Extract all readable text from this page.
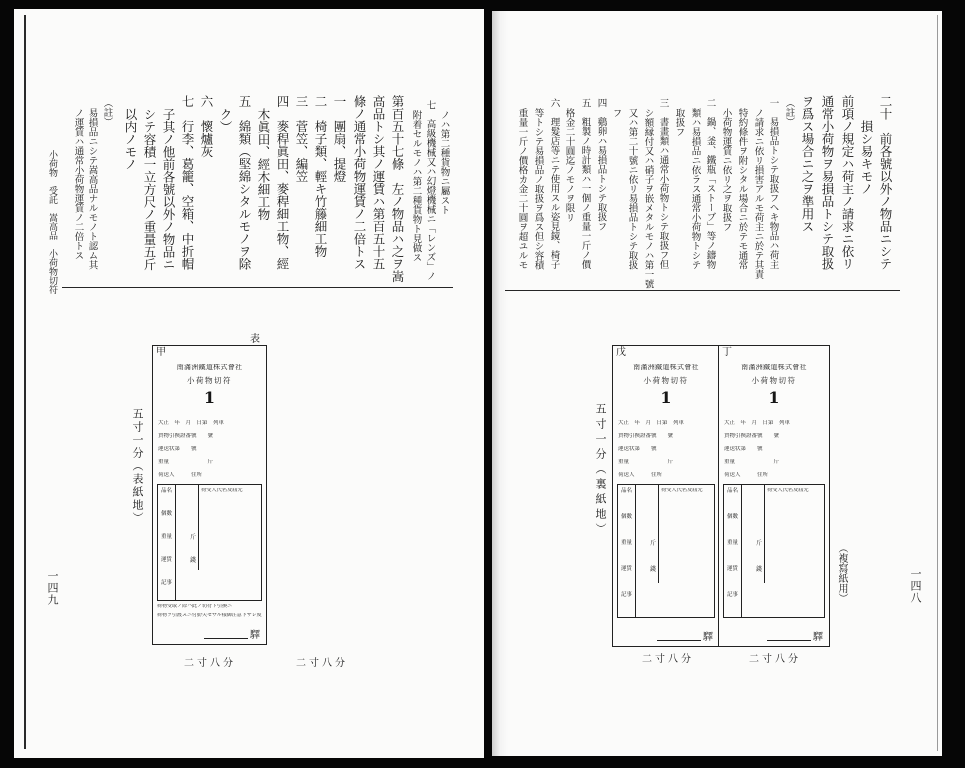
小荷物　受託　嵩高品　小荷物切符
一四九
表
五寸一分（表紙地）
二寸八分	二寸八分
ノハ第二種貨物ニ屬スト
七　高級機械又ハ幻燈機械ニ「レンズ」ノ
附着セルモノハ第二種貨物ト見做ス
第百五十七條　左ノ物品ハ之ヲ嵩
高品トシ其ノ運賃ハ第百五十五
條ノ通常小荷物運賃ノ二倍トス
一　團扇、提燈
二　椅子類、輕キ竹籐細工物
三　菅笠、編笠
四　麥稈眞田、麥稈細工物、經
木眞田、經木細工物
五　綿類（堅綿シタルモノヲ除
ク）
六　懷爐灰
七　行李、葛籠、空箱、中折帽
子其ノ他前各號以外ノ物品ニ
シテ容積一立方尺ノ重量五斤
以内ノモノ
（註）
易損品ニシテ嵩高品ナルモノト認ム其
ノ運賃ハ通常小荷物運賃ノ二倍トス
甲
南滿洲鐵道株式會社
小荷物切符
1
大正　年　月　日第　列車
貨物引換證番號　　號
運送状第　　號
重量　　　　　　　斤
荷送人　　　住所　　
品名
個數
重量
運賃
記事
斤
錢
荷受人氏名及屆先
荷物受取ノ際ハ此ノ切符ト引換ニ
荷物ヲ引渡スニ付紛失セサル樣御注意下サレ度
驛
一四八
五寸一分（裏紙地）
（複寫紙用）
二寸八分	二寸八分
二十　前各號以外ノ物品ニシテ
損シ易キモノ
前項ノ規定ハ荷主ノ請求ニ依リ
通常小荷物ヲ易損品トシテ取扱
ヲ爲ス場合ニ之ヲ準用ス
（註）
一　易損品トシテ取扱フヘキ物品ハ荷主
ノ請求ニ依リ損害アルモ荷主ニ於テ其責
特約條件ヲ附シタル場合ニ於テモ通常
小荷物運賃ニ依リ之ヲ取扱フ
二　鍋、釜、鐵瓶「ストーブ」等ノ鑄物
類ハ易損品ニ依ラス通常小荷物トシテ
取扱フ
三　書畫類ハ通常小荷物トシテ取扱フ但
シ額縁付又ハ硝子ヲ嵌メタルモノハ第一號
又ハ第二十號ニ依リ易損品トシテ取扱
フ
四　鷄卵ハ易損品トシテ取扱フ
五　粗製ノ時計類ハ一個ノ重量一斤ノ價
格金二十圓迄ノモノヲ限リ
六　理髮店等ニテ使用スル姿見鏡、椅子
等トシテ易損品ノ取扱ヲ爲ス但シ容積
重量一斤ノ價格カ金二十圓ヲ超ユルモ
戊
南滿洲鐵道株式會社
小荷物切符
1
大正　年　月　日第　列車
貨物引換證番號　　號
運送状第　　號
重量　　　　　　　斤
荷送人　　　住所　　
品名
個數
重量
運賃
記事
斤
錢
荷受人氏名及屆先
驛
丁
南滿洲鐵道株式會社
小荷物切符
1
大正　年　月　日第　列車
貨物引換證番號　　號
運送状第　　號
重量　　　　　　　斤
荷送人　　　住所　　
品名
個數
重量
運賃
記事
斤
錢
荷受人氏名及屆先
驛
